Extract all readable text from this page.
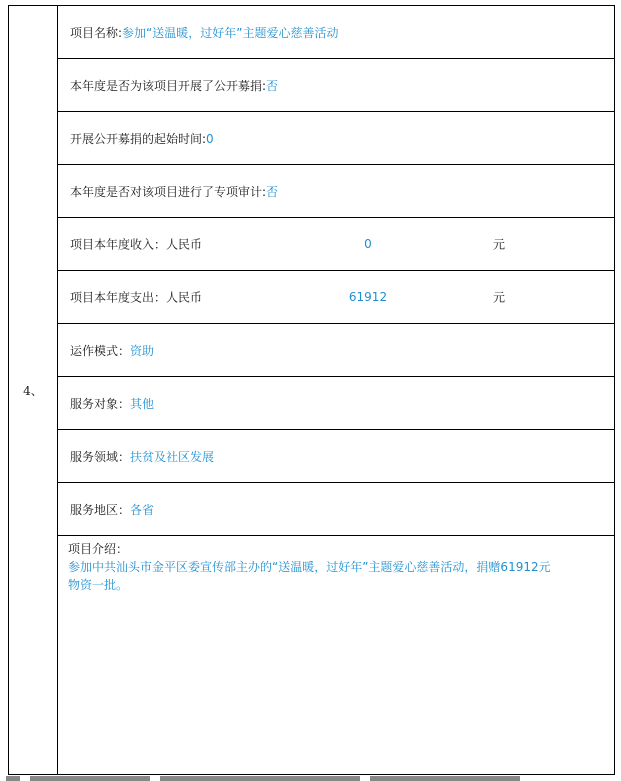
4、	项目名称:参加“送温暖，过好年”主题爱心慈善活动
本年度是否为该项目开展了公开募捐:否
开展公开募捐的起始时间:0
本年度是否对该项目进行了专项审计:否

项目本年度收入：人民币	0	元

项目本年度支出：人民币	61912	元

运作模式：资助
服务对象：其他
服务领域：扶贫及社区发展
服务地区：各省
项目介绍：
参加中共汕头市金平区委宣传部主办的“送温暖，过好年”主题爱心慈善活动，捐赠61912元
物资一批。
